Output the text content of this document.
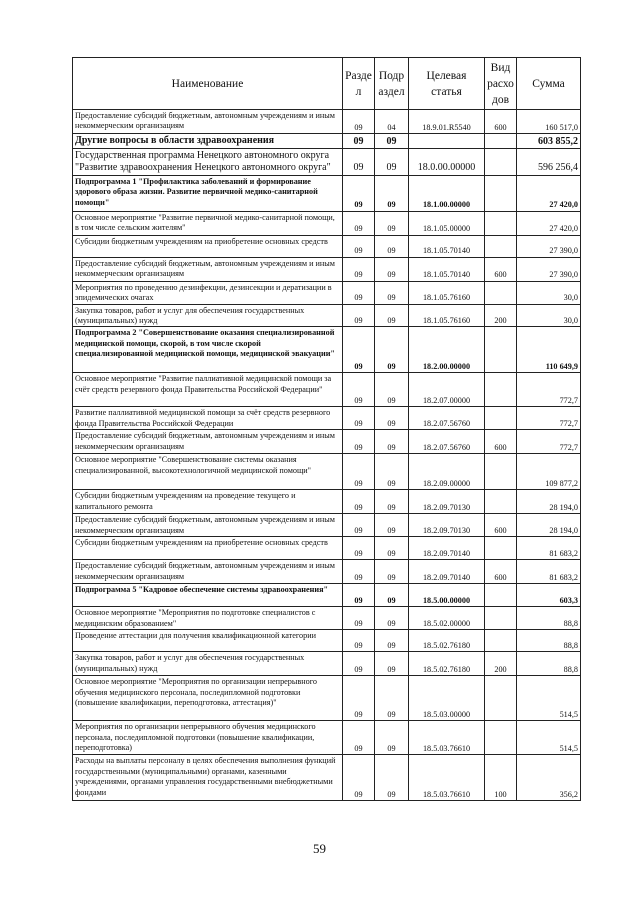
Наименование	Разде л	Подр аздел	Целевая статья	Вид расхо дов	Сумма
Предоставление субсидий бюджетным, автономным учреждениям и иным некоммерческим организациям	09	04	18.9.01.R5540	600	160 517,0
Другие вопросы в области здравоохранения	09	09			603 855,2
Государственная программа Ненецкого автономного округа "Развитие здравоохранения Ненецкого автономного округа"	09	09	18.0.00.00000		596 256,4
Подпрограмма 1 "Профилактика заболеваний и формирование здорового образа жизни. Развитие первичной медико-санитарной помощи"	09	09	18.1.00.00000		27 420,0
Основное мероприятие "Развитие первичной медико-санитарной помощи, в том числе сельским жителям"	09	09	18.1.05.00000		27 420,0
Субсидии бюджетным учреждениям на приобретение основных средств	09	09	18.1.05.70140		27 390,0
Предоставление субсидий бюджетным, автономным учреждениям и иным некоммерческим организациям	09	09	18.1.05.70140	600	27 390,0
Мероприятия по проведению дезинфекции, дезинсекции и дератизации в эпидемических очагах	09	09	18.1.05.76160		30,0
Закупка товаров, работ и услуг для обеспечения государственных (муниципальных) нужд	09	09	18.1.05.76160	200	30,0
Подпрограмма 2 "Совершенствование оказания специализированной медицинской помощи, скорой, в том числе скорой специализированной медицинской помощи, медицинской эвакуации"	09	09	18.2.00.00000		110 649,9
Основное мероприятие "Развитие паллиативной медицинской помощи за счёт средств резервного фонда Правительства Российской Федерации"	09	09	18.2.07.00000		772,7
Развитие паллиативной медицинской помощи за счёт средств резервного фонда Правительства Российской Федерации	09	09	18.2.07.56760		772,7
Предоставление субсидий бюджетным, автономным учреждениям и иным некоммерческим организациям	09	09	18.2.07.56760	600	772,7
Основное мероприятие "Совершенствование системы оказания специализированной, высокотехнологичной медицинской помощи"	09	09	18.2.09.00000		109 877,2
Субсидии бюджетным учреждениям на проведение текущего и капитального ремонта	09	09	18.2.09.70130		28 194,0
Предоставление субсидий бюджетным, автономным учреждениям и иным некоммерческим организациям	09	09	18.2.09.70130	600	28 194,0
Субсидии бюджетным учреждениям на приобретение основных средств	09	09	18.2.09.70140		81 683,2
Предоставление субсидий бюджетным, автономным учреждениям и иным некоммерческим организациям	09	09	18.2.09.70140	600	81 683,2
Подпрограмма 5 "Кадровое обеспечение системы здравоохранения"	09	09	18.5.00.00000		603,3
Основное мероприятие "Мероприятия по подготовке специалистов с медицинским образованием"	09	09	18.5.02.00000		88,8
Проведение аттестации для получения квалификационной категории	09	09	18.5.02.76180		88,8
Закупка товаров, работ и услуг для обеспечения государственных (муниципальных) нужд	09	09	18.5.02.76180	200	88,8
Основное мероприятие "Мероприятия по организации непрерывного обучения медицинского персонала, последипломной подготовки (повышение квалификации, переподготовка, аттестация)"	09	09	18.5.03.00000		514,5
Мероприятия по организации непрерывного обучения медицинского персонала, последипломной подготовки (повышение квалификации, переподготовка)	09	09	18.5.03.76610		514,5
Расходы на выплаты персоналу в целях обеспечения выполнения функций государственными (муниципальными) органами, казенными учреждениями, органами управления государственными внебюджетными фондами	09	09	18.5.03.76610	100	356,2
59
